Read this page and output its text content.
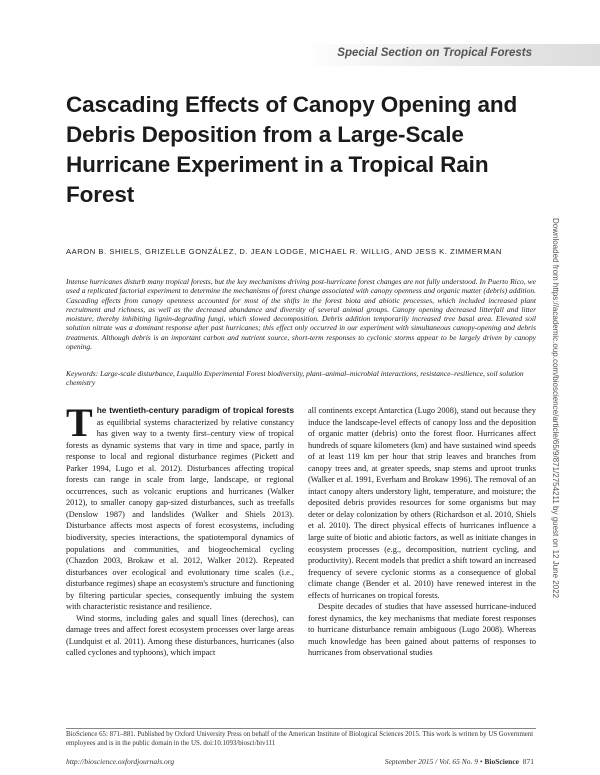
Special Section on Tropical Forests
Cascading Effects of Canopy Opening and Debris Deposition from a Large-Scale Hurricane Experiment in a Tropical Rain Forest
AARON B. SHIELS, GRIZELLE GONZÁLEZ, D. JEAN LODGE, MICHAEL R. WILLIG, AND JESS K. ZIMMERMAN

Intense hurricanes disturb many tropical forests, but the key mechanisms driving post-hurricane forest changes are not fully understood. In Puerto Rico, we used a replicated factorial experiment to determine the mechanisms of forest change associated with canopy openness and organic matter (debris) addition. Cascading effects from canopy openness accounted for most of the shifts in the forest biota and abiotic processes, which included increased plant recruitment and richness, as well as the decreased abundance and diversity of several animal groups. Canopy opening decreased litterfall and litter moisture, thereby inhibiting lignin-degrading fungi, which slowed decomposition. Debris addition temporarily increased tree basal area. Elevated soil solution nitrate was a dominant response after past hurricanes; this effect only occurred in our experiment with simultaneous canopy-opening and debris treatments. Although debris is an important carbon and nutrient source, short-term responses to cyclonic storms appear to be largely driven by canopy opening.

Keywords: Large-scale disturbance, Luquillo Experimental Forest biodiversity, plant–animal–microbial interactions, resistance–resilience, soil solution chemistry

The twentieth-century paradigm of tropical forests as equilibrial systems characterized by relative constancy has given way to a twenty first–century view of tropical forests as dynamic systems that vary in time and space, partly in response to local and regional disturbance regimes (Pickett and Parker 1994, Lugo et al. 2012). Disturbances affecting tropical forests can range in scale from large, landscape, or regional occurrences, such as volcanic eruptions and hurricanes (Walker 2012), to smaller canopy gap-sized disturbances, such as treefalls (Denslow 1987) and landslides (Walker and Shiels 2013). Disturbance affects most aspects of forest ecosystems, including biodiversity, species interactions, the spatiotemporal dynamics of populations and communities, and biogeochemical cycling (Chazdon 2003, Brokaw et al. 2012, Walker 2012). Repeated disturbances over ecological and evolutionary time scales (i.e., disturbance regimes) shape an ecosystem's structure and functioning by filtering particular species, consequently imbuing the system with characteristic resistance and resilience.

Wind storms, including gales and squall lines (derechos), can damage trees and affect forest ecosystem processes over large areas (Lundquist et al. 2011). Among these disturbances, hurricanes (also called cyclones and typhoons), which impact

all continents except Antarctica (Lugo 2008), stand out because they induce the landscape-level effects of canopy loss and the deposition of organic matter (debris) onto the forest floor. Hurricanes affect hundreds of square kilometers (km) and have sustained wind speeds of at least 119 km per hour that strip leaves and branches from canopy trees and, at greater speeds, snap stems and uproot trunks (Walker et al. 1991, Everham and Brokaw 1996). The removal of an intact canopy alters understory light, temperature, and moisture; the deposited debris provides resources for some organisms but may deter or delay colonization by others (Richardson et al. 2010, Shiels et al. 2010). The direct physical effects of hurricanes influence a large suite of biotic and abiotic factors, as well as initiate changes in ecosystem processes (e.g., decomposition, nutrient cycling, and productivity). Recent models that predict a shift toward an increased frequency of severe cyclonic storms as a consequence of global climate change (Bender et al. 2010) have renewed interest in the effects of hurricanes on tropical forests.

Despite decades of studies that have assessed hurricane-induced forest dynamics, the key mechanisms that mediate forest responses to hurricane disturbance remain ambiguous (Lugo 2008). Whereas much knowledge has been gained about patterns of responses to hurricanes from observational studies

BioScience 65: 871–881. Published by Oxford University Press on behalf of the American Institute of Biological Sciences 2015. This work is written by US Government employees and is in the public domain in the US. doi:10.1093/biosci/biv111

http://bioscience.oxfordjournals.org	September 2015 / Vol. 65 No. 9 • BioScience 871
Downloaded from https://academic.oup.com/bioscience/article/65/9/871/2754211 by guest on 12 June 2022
